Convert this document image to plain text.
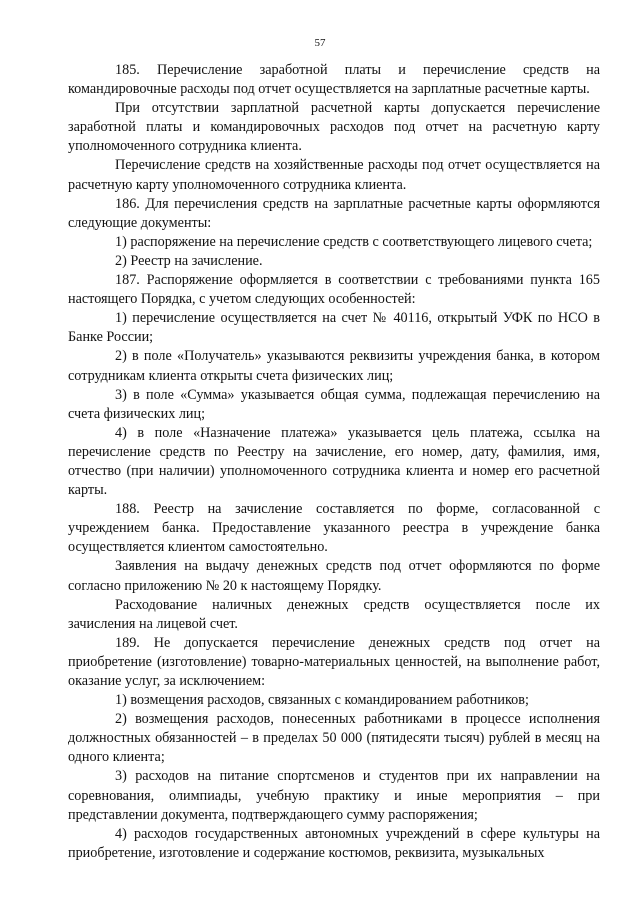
57

185. Перечисление заработной платы и перечисление средств на командировочные расходы под отчет осуществляется на зарплатные расчетные карты.

При отсутствии зарплатной расчетной карты допускается перечисление заработной платы и командировочных расходов под отчет на расчетную карту уполномоченного сотрудника клиента.

Перечисление средств на хозяйственные расходы под отчет осуществляется на расчетную карту уполномоченного сотрудника клиента.

186. Для перечисления средств на зарплатные расчетные карты оформляются следующие документы:

1) распоряжение на перечисление средств с соответствующего лицевого счета;

2) Реестр на зачисление.

187. Распоряжение оформляется в соответствии с требованиями пункта 165 настоящего Порядка, с учетом следующих особенностей:

1) перечисление осуществляется на счет № 40116, открытый УФК по НСО в Банке России;

2) в поле «Получатель» указываются реквизиты учреждения банка, в котором сотрудникам клиента открыты счета физических лиц;

3) в поле «Сумма» указывается общая сумма, подлежащая перечислению на счета физических лиц;

4) в поле «Назначение платежа» указывается цель платежа, ссылка на перечисление средств по Реестру на зачисление, его номер, дату, фамилия, имя, отчество (при наличии) уполномоченного сотрудника клиента и номер его расчетной карты.

188. Реестр на зачисление составляется по форме, согласованной с учреждением банка. Предоставление указанного реестра в учреждение банка осуществляется клиентом самостоятельно.

Заявления на выдачу денежных средств под отчет оформляются по форме согласно приложению № 20 к настоящему Порядку.

Расходование наличных денежных средств осуществляется после их зачисления на лицевой счет.

189. Не допускается перечисление денежных средств под отчет на приобретение (изготовление) товарно-материальных ценностей, на выполнение работ, оказание услуг, за исключением:

1) возмещения расходов, связанных с командированием работников;

2) возмещения расходов, понесенных работниками в процессе исполнения должностных обязанностей – в пределах 50 000 (пятидесяти тысяч) рублей в месяц на одного клиента;

3) расходов на питание спортсменов и студентов при их направлении на соревнования, олимпиады, учебную практику и иные мероприятия – при представлении документа, подтверждающего сумму распоряжения;

4) расходов государственных автономных учреждений в сфере культуры на приобретение, изготовление и содержание костюмов, реквизита, музыкальных
